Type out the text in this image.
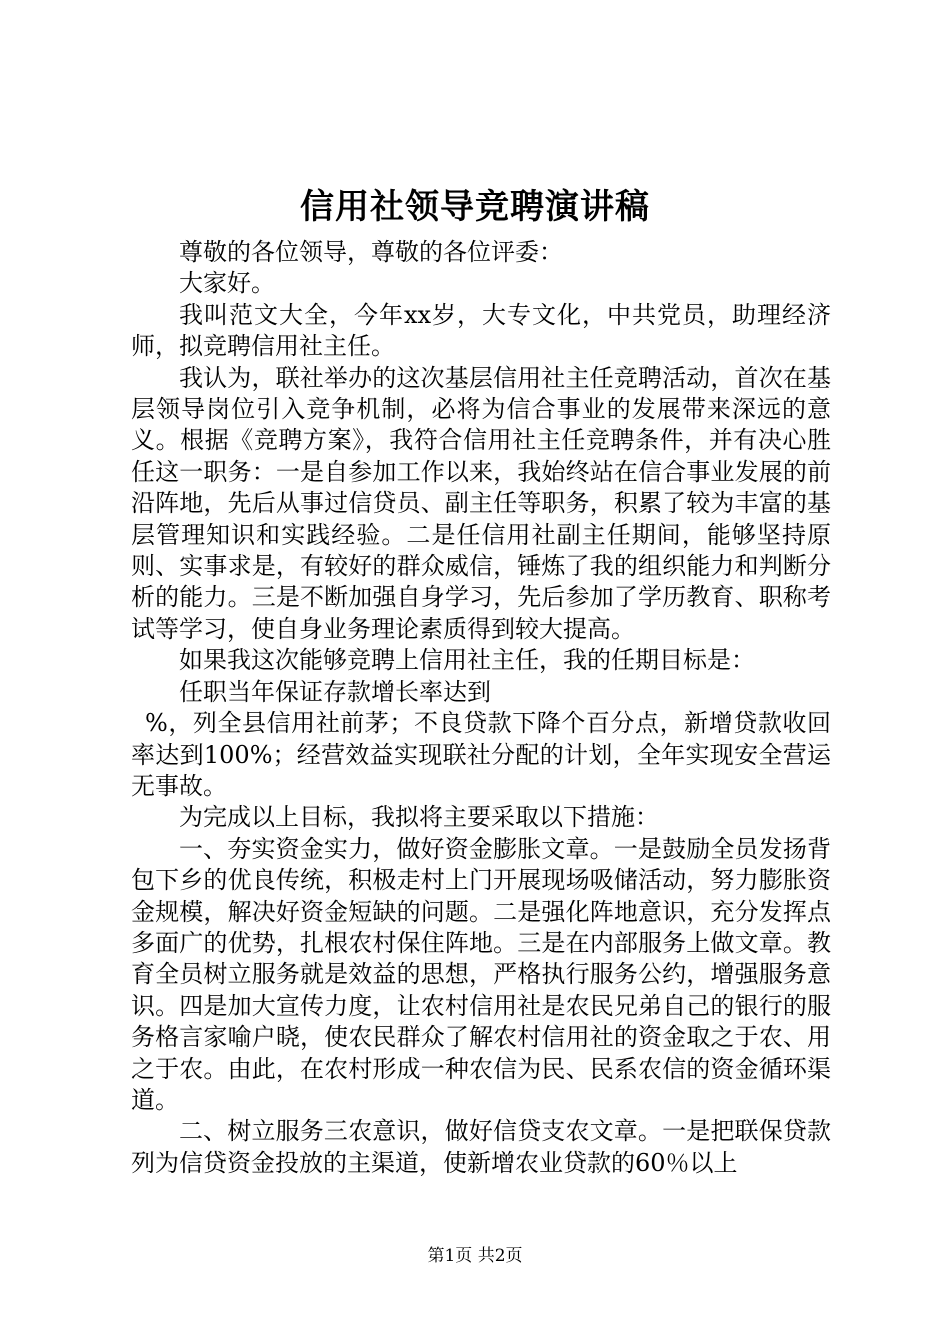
信用社领导竞聘演讲稿

尊敬的各位领导，尊敬的各位评委：

大家好。

我叫范文大全，今年xx岁，大专文化，中共党员，助理经济师，拟竞聘信用社主任。

我认为，联社举办的这次基层信用社主任竞聘活动，首次在基层领导岗位引入竞争机制，必将为信合事业的发展带来深远的意义。根据《竞聘方案》，我符合信用社主任竞聘条件，并有决心胜任这一职务：一是自参加工作以来，我始终站在信合事业发展的前沿阵地，先后从事过信贷员、副主任等职务，积累了较为丰富的基层管理知识和实践经验。二是任信用社副主任期间，能够坚持原则、实事求是，有较好的群众威信，锤炼了我的组织能力和判断分析的能力。三是不断加强自身学习，先后参加了学历教育、职称考试等学习，使自身业务理论素质得到较大提高。

如果我这次能够竞聘上信用社主任，我的任期目标是：

任职当年保证存款增长率达到

%，列全县信用社前茅；不良贷款下降个百分点，新增贷款收回率达到100%；经营效益实现联社分配的计划，全年实现安全营运无事故。

为完成以上目标，我拟将主要采取以下措施：

一、夯实资金实力，做好资金膨胀文章。一是鼓励全员发扬背包下乡的优良传统，积极走村上门开展现场吸储活动，努力膨胀资金规模，解决好资金短缺的问题。二是强化阵地意识，充分发挥点多面广的优势，扎根农村保住阵地。三是在内部服务上做文章。教育全员树立服务就是效益的思想，严格执行服务公约，增强服务意识。四是加大宣传力度，让农村信用社是农民兄弟自己的银行的服务格言家喻户晓，使农民群众了解农村信用社的资金取之于农、用之于农。由此，在农村形成一种农信为民、民系农信的资金循环渠道。

二、树立服务三农意识，做好信贷支农文章。一是把联保贷款列为信贷资金投放的主渠道，使新增农业贷款的60％以上

第1页 共2页
